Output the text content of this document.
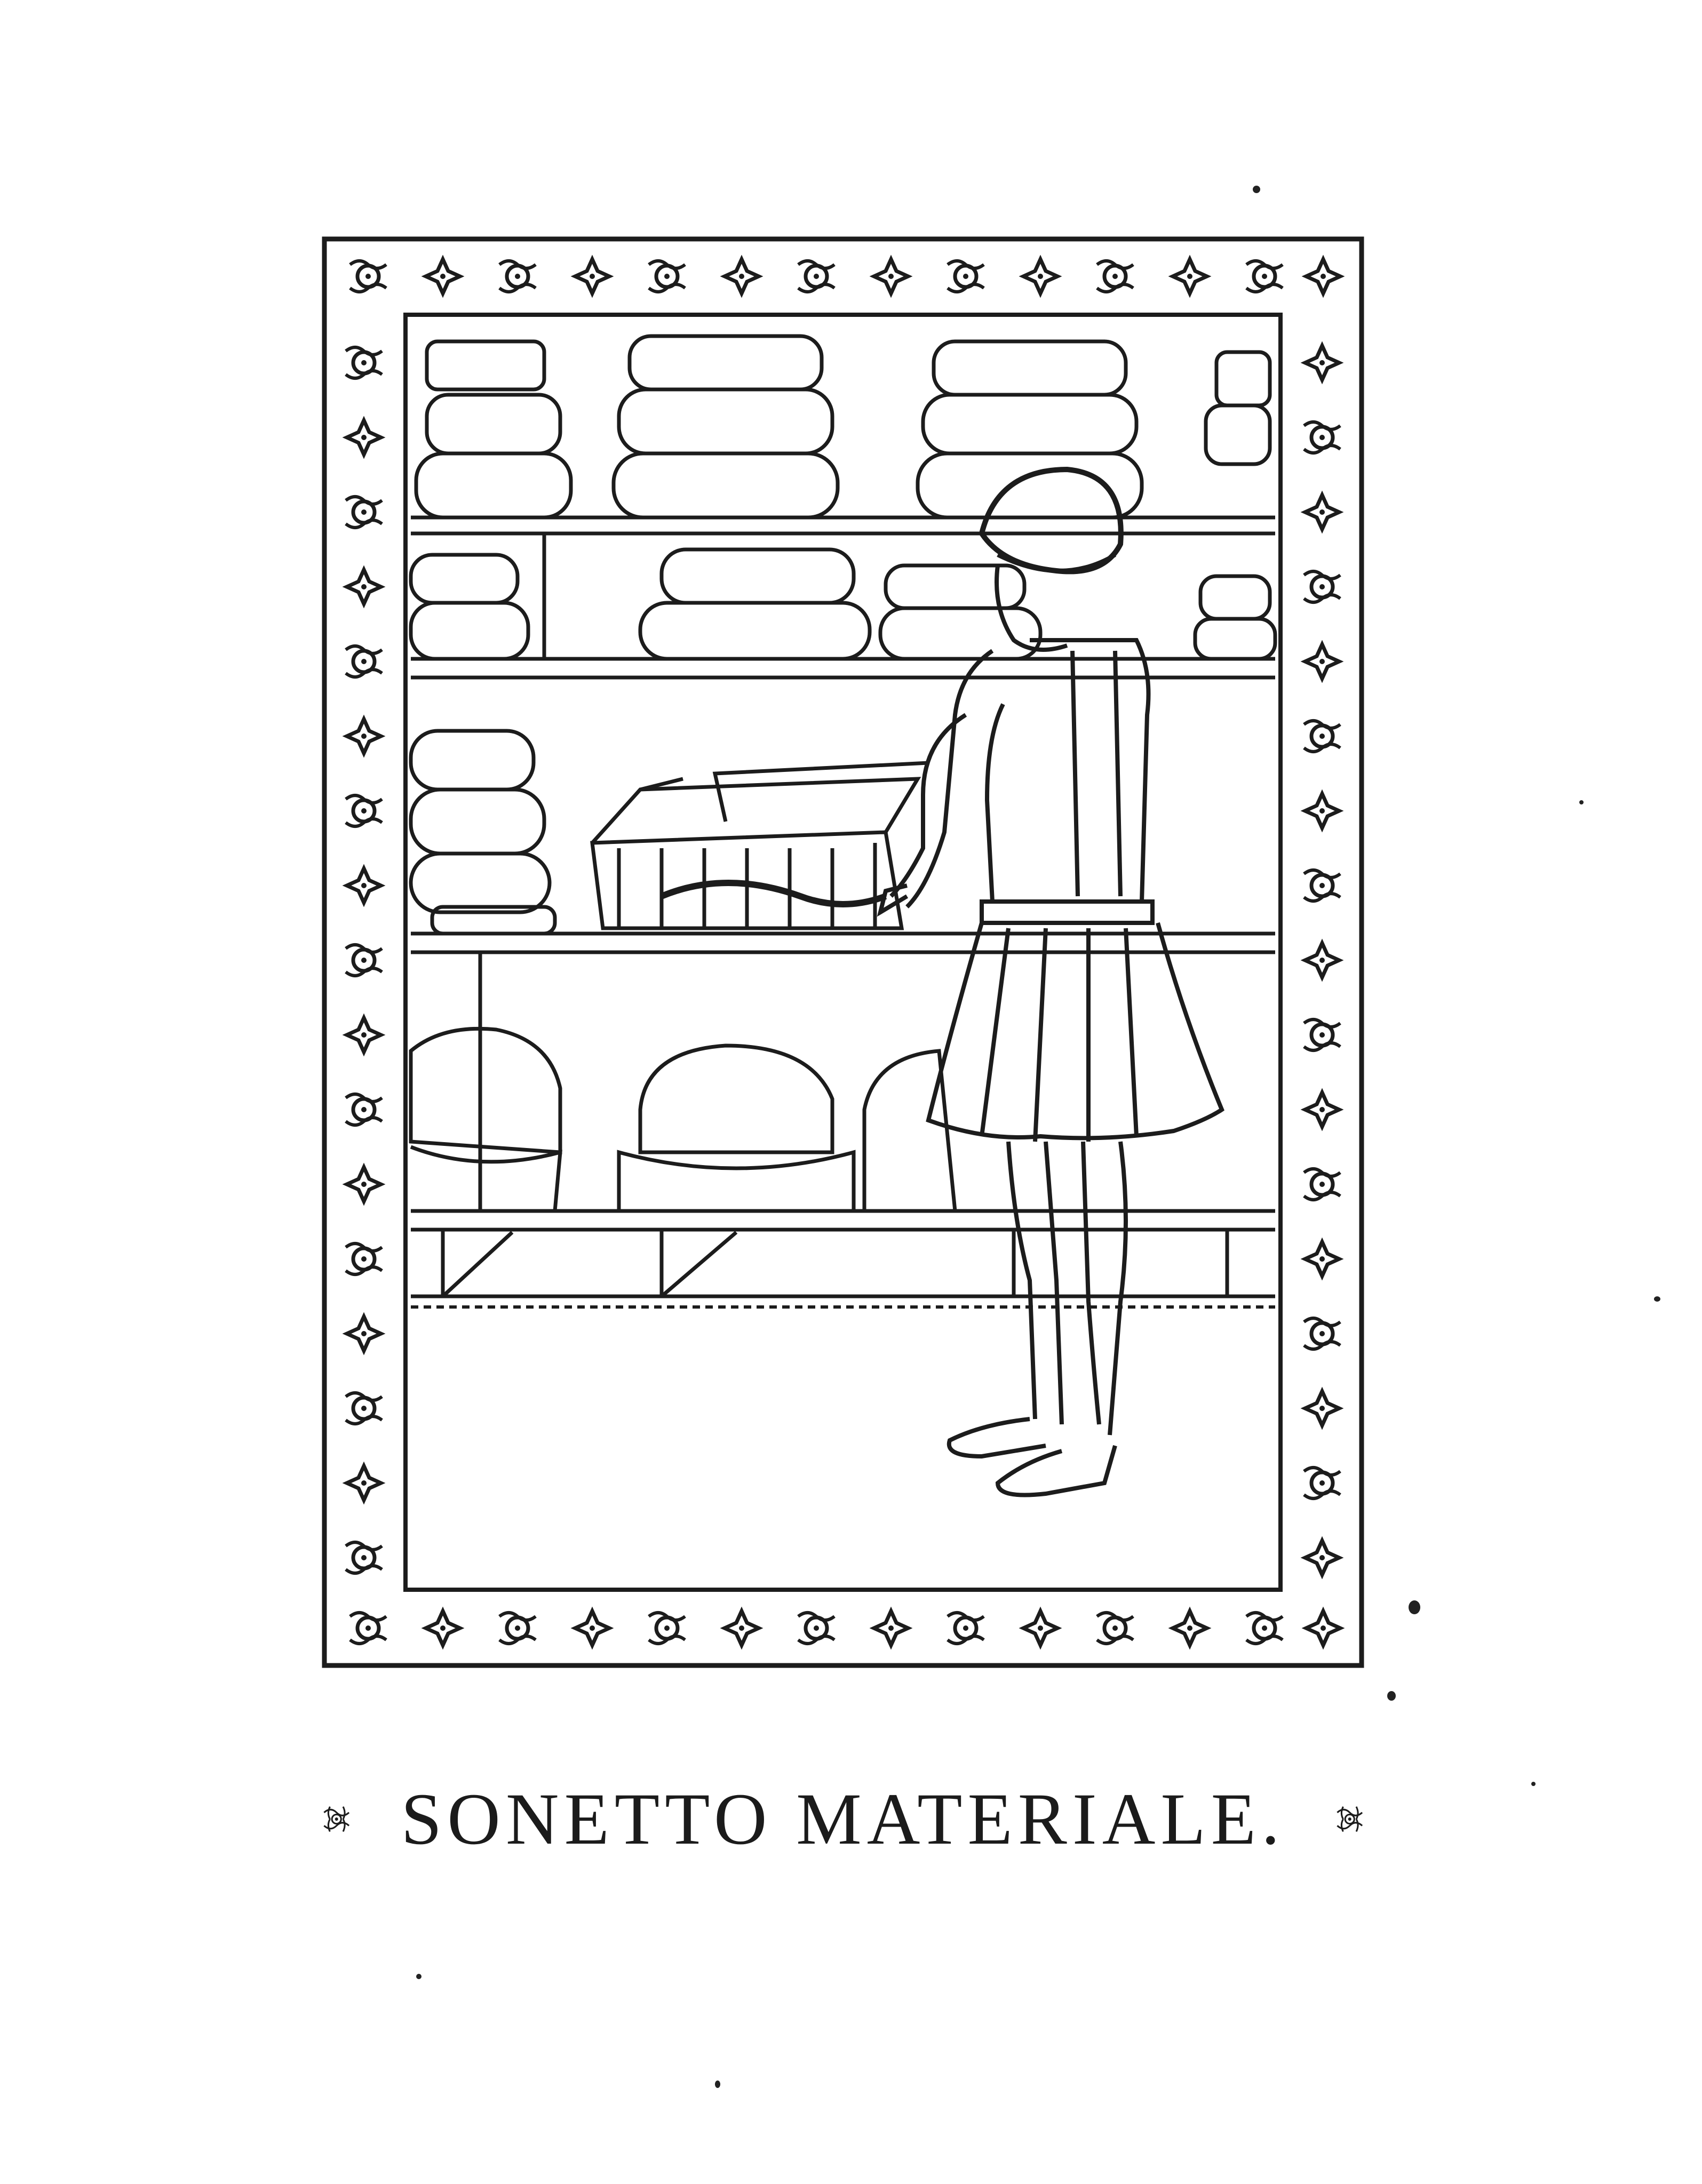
SONETTO MATERIALE.
